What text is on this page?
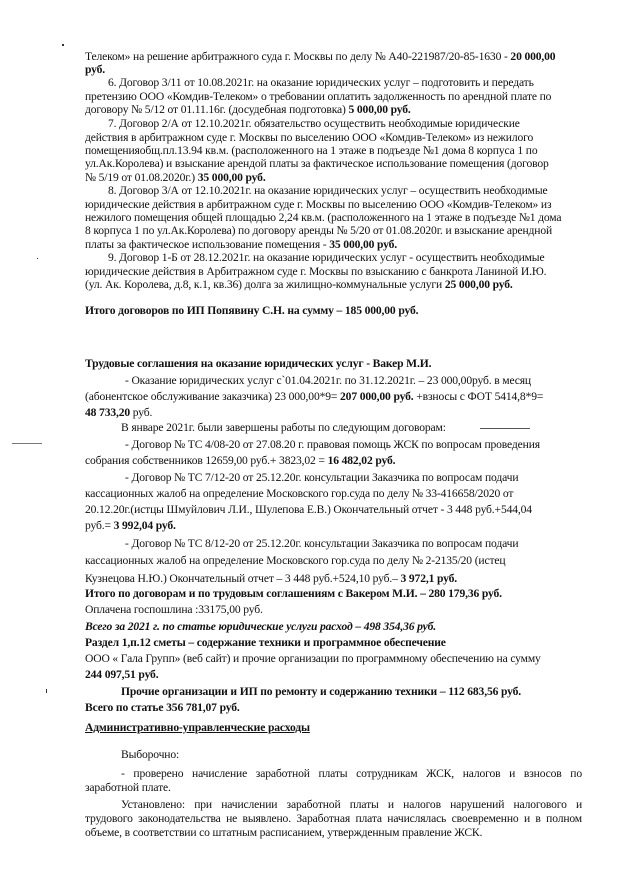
Телеком» на решение арбитражного суда г. Москвы по делу № А40-221987/20-85-1630 - 20 000,00
руб.
6. Договор 3/11 от 10.08.2021г. на оказание юридических услуг – подготовить и передать
претензию ООО «Комдив-Телеком» о требовании оплатить задолженность по арендной плате по
договору № 5/12 от 01.11.16г. (досудебная подготовка) 5 000,00 руб.
7. Договор 2/А от 12.10.2021г. обязательство осуществить необходимые юридические
действия в арбитражном суде г. Москвы по выселению ООО «Комдив-Телеком» из нежилого
помещенияобщ.пл.13.94 кв.м. (расположенного на 1 этаже в подъезде №1 дома 8 корпуса 1 по
ул.Ак.Королева) и взыскание арендой платы за фактическое использование помещения (договор
№ 5/19 от 01.08.2020г.) 35 000,00 руб.
8. Договор 3/А от 12.10.2021г. на оказание юридических услуг – осуществить необходимые
юридические действия в арбитражном суде г. Москвы по выселению ООО «Комдив-Телеком» из
нежилого помещения общей площадью 2,24 кв.м. (расположенного на 1 этаже в подъезде №1 дома
8 корпуса 1 по ул.Ак.Королева) по договору аренды № 5/20 от 01.08.2020г. и взыскание арендной
платы за фактическое использование помещения - 35 000,00 руб.
9. Договор 1-Б от 28.12.2021г. на оказание юридических услуг - осуществить необходимые
юридические действия в Арбитражном суде г. Москвы по взысканию с банкрота Ланиной И.Ю.
(ул. Ак. Королева, д.8, к.1, кв.36) долга за жилищно-коммунальные услуги 25 000,00 руб.
Итого договоров по ИП Попявину С.Н. на сумму – 185 000,00 руб.
Трудовые соглашения на оказание юридических услуг - Вакер М.И.
- Оказание юридических услуг с`01.04.2021г. по 31.12.2021г. – 23 000,00руб. в месяц
(абонентское обслуживание заказчика) 23 000,00*9= 207 000,00 руб. +взносы с ФОТ 5414,8*9=
48 733,20 руб.
В январе 2021г. были завершены работы по следующим договорам:
- Договор № ТС 4/08-20 от 27.08.20 г. правовая помощь ЖСК по вопросам проведения
собрания собственников 12659,00 руб.+ 3823,02 = 16 482,02 руб.
- Договор № ТС 7/12-20 от 25.12.20г. консультации Заказчика по вопросам подачи
кассационных жалоб на определение Московского гор.суда по делу № 33-416658/2020 от
20.12.20г.(истцы Шмуйлович Л.И., Шулепова Е.В.) Окончательный отчет - 3 448 руб.+544,04
руб.= 3 992,04 руб.
- Договор № ТС 8/12-20 от 25.12.20г. консультации Заказчика по вопросам подачи
кассационных жалоб на определение Московского гор.суда по делу № 2-2135/20 (истец
Кузнецова Н.Ю.) Окончательный отчет – 3 448 руб.+524,10 руб.– 3 972,1 руб.
Итого по договорам и по трудовым соглашениям с Вакером М.И. – 280 179,36 руб.
Оплачена госпошлина :33175,00 руб.
Всего за 2021 г. по статье юридические услуги расход – 498 354,36 руб.
Раздел 1,п.12 сметы – содержание техники и программное обеспечение
ООО « Гала Групп» (веб сайт) и прочие организации по программному обеспечению на сумму
244 097,51 руб.
Прочие организации и ИП по ремонту и содержанию техники – 112 683,56 руб.
Всего по статье 356 781,07 руб.
Административно-управленческие расходы
Выборочно:
- проверено начисление заработной платы сотрудникам ЖСК, налогов и взносов по
заработной плате.
Установлено: при начислении заработной платы и налогов нарушений налогового и
трудового законодательства не выявлено. Заработная плата начислялась своевременно и в полном
объеме, в соответствии со штатным расписанием, утвержденным правление ЖСК.
